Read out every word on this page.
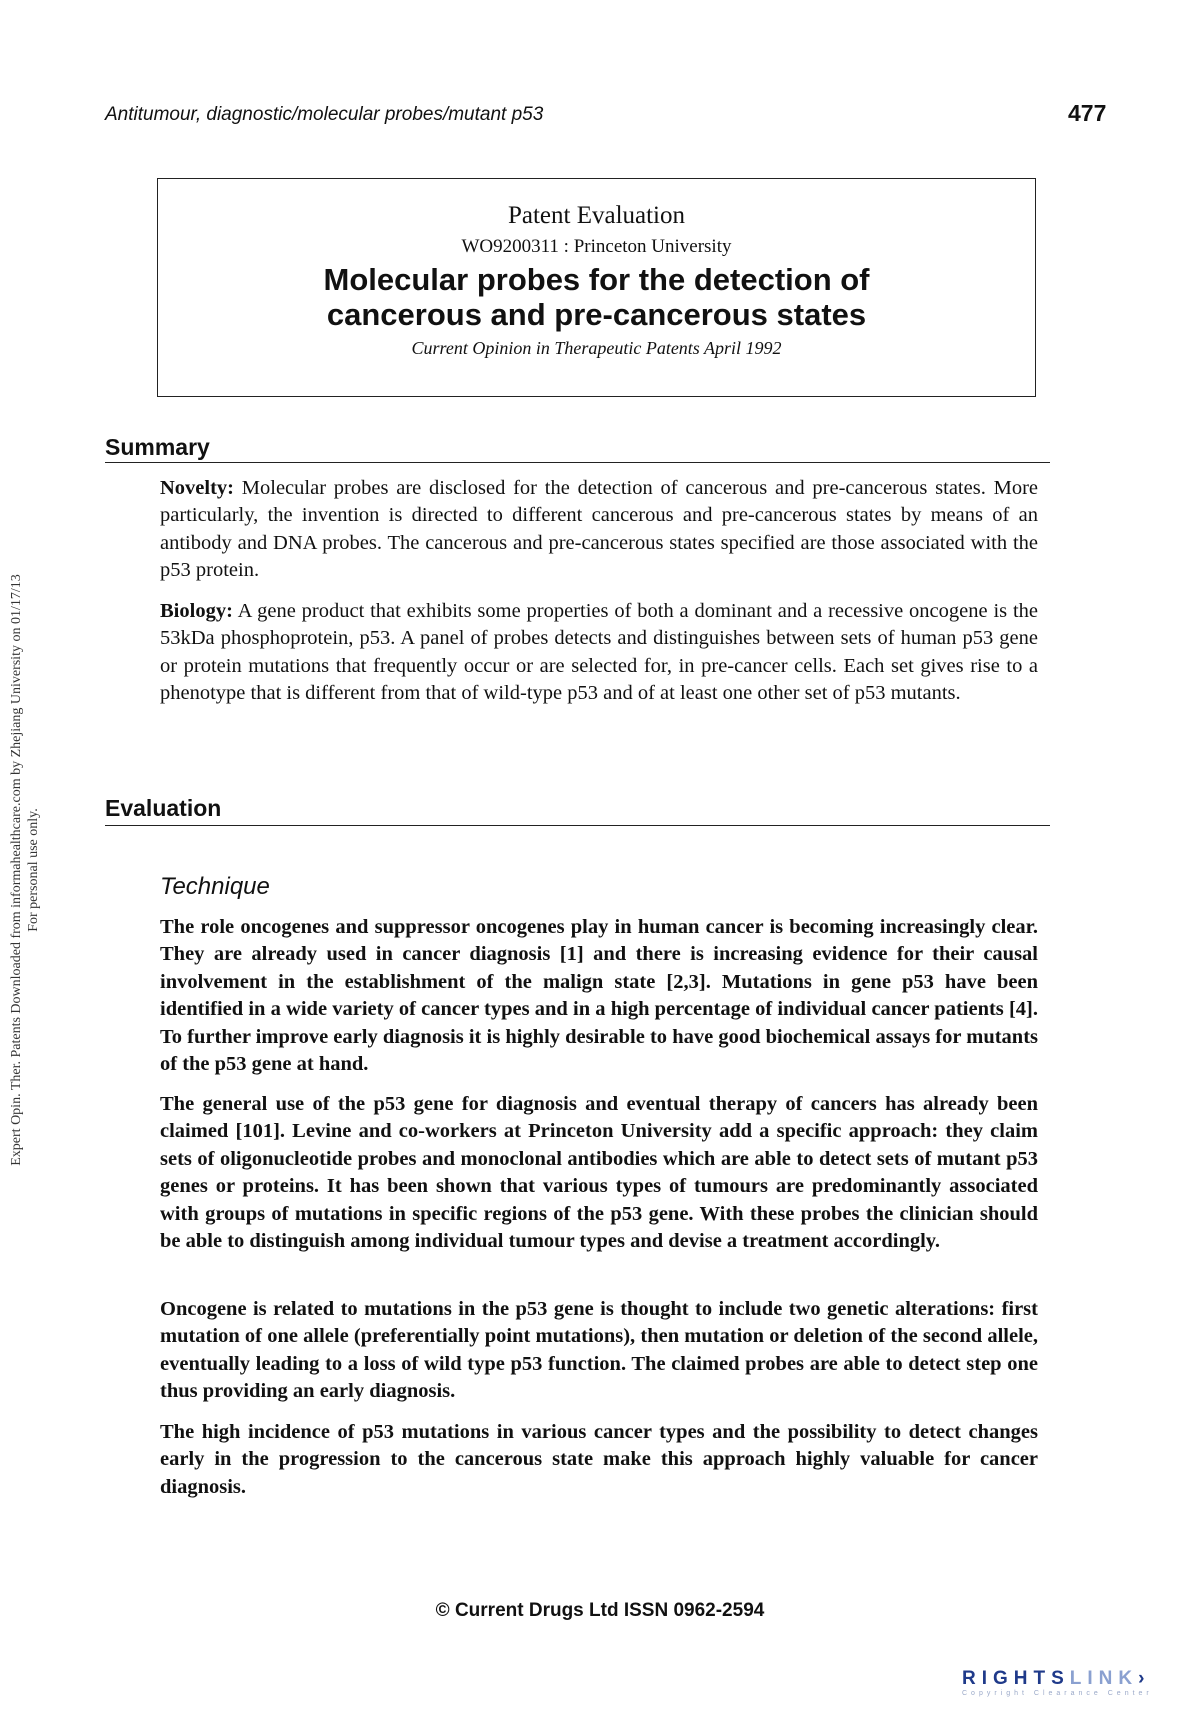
Antitumour, diagnostic/molecular probes/mutant p53	477
Patent Evaluation
WO9200311 : Princeton University
Molecular probes for the detection of
cancerous and pre-cancerous states
Current Opinion in Therapeutic Patents April 1992
Summary
Novelty: Molecular probes are disclosed for the detection of cancerous and pre-cancerous states. More particularly, the invention is directed to different cancerous and pre-cancerous states by means of an antibody and DNA probes. The cancerous and pre-cancerous states specified are those associated with the p53 protein.
Biology: A gene product that exhibits some properties of both a dominant and a recessive oncogene is the 53kDa phosphoprotein, p53. A panel of probes detects and distinguishes between sets of human p53 gene or protein mutations that frequently occur or are selected for, in pre-cancer cells. Each set gives rise to a phenotype that is different from that of wild-type p53 and of at least one other set of p53 mutants.
Evaluation
Technique
The role oncogenes and suppressor oncogenes play in human cancer is becoming increasingly clear. They are already used in cancer diagnosis [1] and there is increasing evidence for their causal involvement in the establishment of the malign state [2,3]. Mutations in gene p53 have been identified in a wide variety of cancer types and in a high percentage of individual cancer patients [4]. To further improve early diagnosis it is highly desirable to have good biochemical assays for mutants of the p53 gene at hand.
The general use of the p53 gene for diagnosis and eventual therapy of cancers has already been claimed [101]. Levine and co-workers at Princeton University add a specific approach: they claim sets of oligonucleotide probes and monoclonal antibodies which are able to detect sets of mutant p53 genes or proteins. It has been shown that various types of tumours are predominantly associated with groups of mutations in specific regions of the p53 gene. With these probes the clinician should be able to distinguish among individual tumour types and devise a treatment accordingly.
Oncogene is related to mutations in the p53 gene is thought to include two genetic alterations: first mutation of one allele (preferentially point mutations), then mutation or deletion of the second allele, eventually leading to a loss of wild type p53 function. The claimed probes are able to detect step one thus providing an early diagnosis.
The high incidence of p53 mutations in various cancer types and the possibility to detect changes early in the progression to the cancerous state make this approach highly valuable for cancer diagnosis.
© Current Drugs Ltd ISSN 0962-2594
Expert Opin. Ther. Patents Downloaded from informahealthcare.com by Zhejiang University on 01/17/13 For personal use only.
RIGHTSLINK›
Copyright Clearance Center
